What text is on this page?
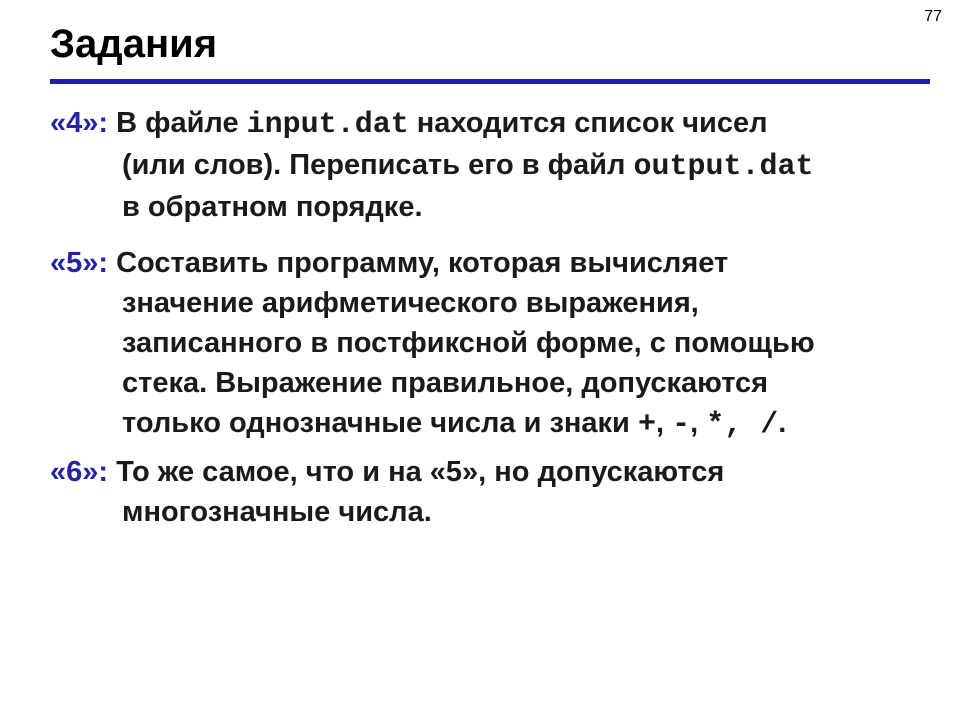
77
Задания
«4»: В файле input.dat находится список чисел
(или слов). Переписать его в файл output.dat
в обратном порядке.
«5»: Составить программу, которая вычисляет
значение арифметического выражения,
записанного в постфиксной форме, с помощью
стека. Выражение правильное, допускаются
только однозначные числа и знаки +, -, *, /.
«6»: То же самое, что и на «5», но допускаются
многозначные числа.
